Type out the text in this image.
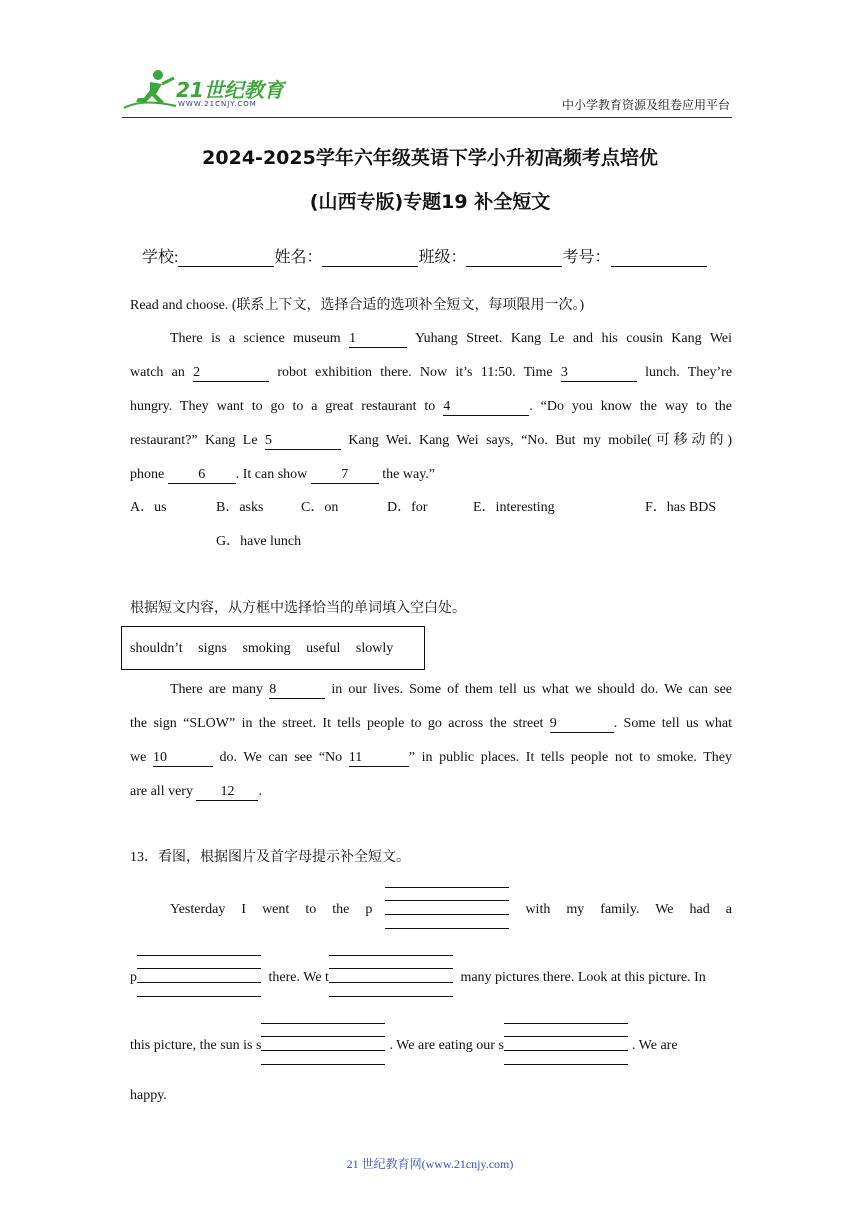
21世纪教育
WWW.21CNJY.COM	中小学教育资源及组卷应用平台
2024-2025学年六年级英语下学小升初高频考点培优
(山西专版)专题19 补全短文
学校:	姓名：	班级：	考号：
Read and choose. (联系上下文，选择合适的选项补全短文，每项限用一次。)
There is a science museum 1	Yuhang Street. Kang Le and his cousin Kang Wei
watch an 2	robot exhibition there. Now it’s 11:50. Time 3	lunch. They’re
hungry. They want to go to a great restaurant to 4	. “Do you know the way to the
restaurant?” Kang Le 5	Kang Wei. Kang Wei says, “No. But my mobile(可移动的)
phone 6 . It can show 7 the way.”
A．us	B．asks	C．on	D．for	E．interesting	F．has BDS
G．have lunch
根据短文内容，从方框中选择恰当的单词填入空白处。
shouldn’t signs smoking useful slowly
There are many 8	in our lives. Some of them tell us what we should do. We can see
the sign “SLOW” in the street. It tells people to go across the street 9	. Some tell us what
we 10	do. We can see “No 11	” in public places. It tells people not to smoke. They
are all very 12 .
13．看图，根据图片及首字母提示补全短文。
Yesterday I went to the p	with my family. We had a
p	there. We t	many pictures there. Look at this picture. In
this picture, the sun is s	. We are eating our s	. We are
happy.
21 世纪教育网(www.21cnjy.com)
